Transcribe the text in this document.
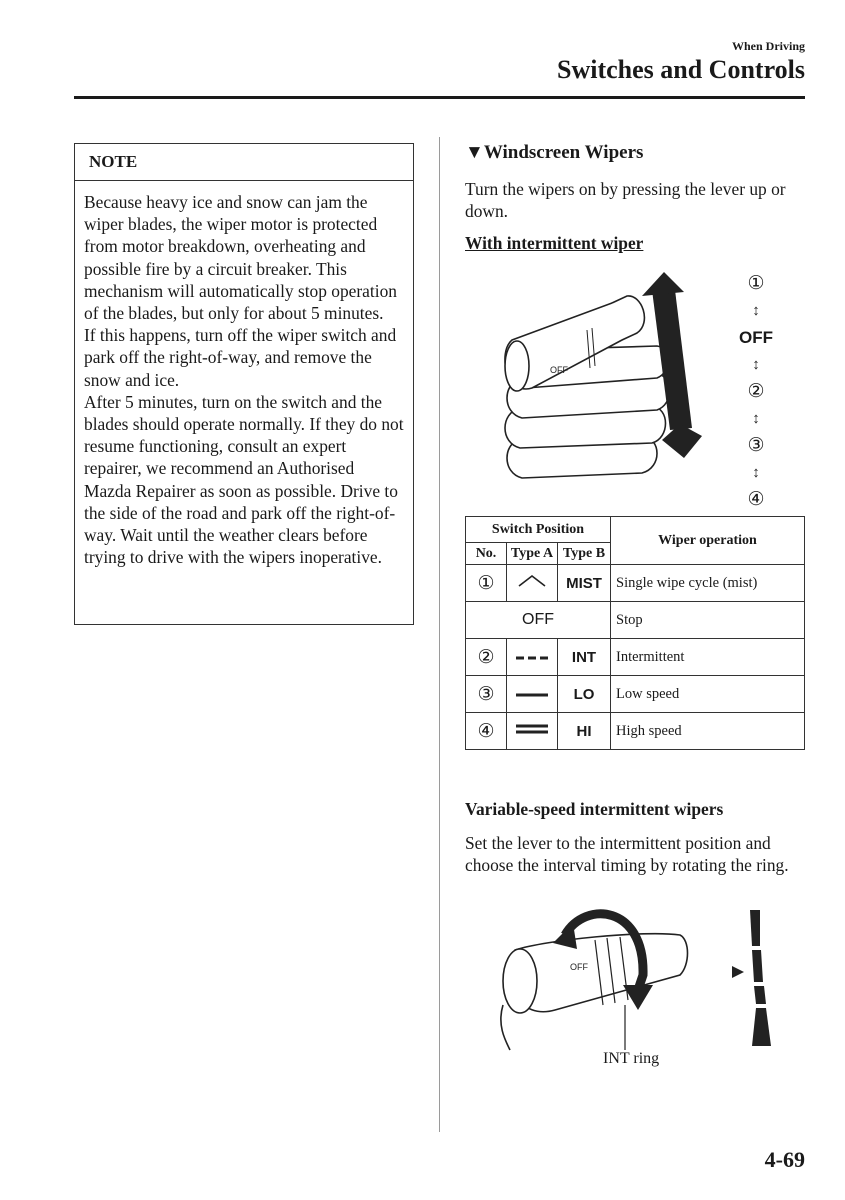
When Driving
Switches and Controls
NOTE

Because heavy ice and snow can jam the wiper blades, the wiper motor is protected from motor breakdown, overheating and possible fire by a circuit breaker. This mechanism will automatically stop operation of the blades, but only for about 5 minutes.

If this happens, turn off the wiper switch and park off the right-of-way, and remove the snow and ice.

After 5 minutes, turn on the switch and the blades should operate normally. If they do not resume functioning, consult an expert repairer, we recommend an Authorised Mazda Repairer as soon as possible. Drive to the side of the road and park off the right-of-way. Wait until the weather clears before trying to drive with the wipers inoperative.

▼Windscreen Wipers
Turn the wipers on by pressing the lever up or down.
With intermittent wiper
OFF
①
↕
OFF
↕
②
↕
③
↕
④
Switch Position			Wiper operation
No.	Type A	Type B	
①		MIST	Single wipe cycle (mist)
OFF			Stop
②		INT	Intermittent
③		LO	Low speed
④		HI	High speed
Variable-speed intermittent wipers
Set the lever to the intermittent position and choose the interval timing by rotating the ring.
OFF
INT ring
4-69
